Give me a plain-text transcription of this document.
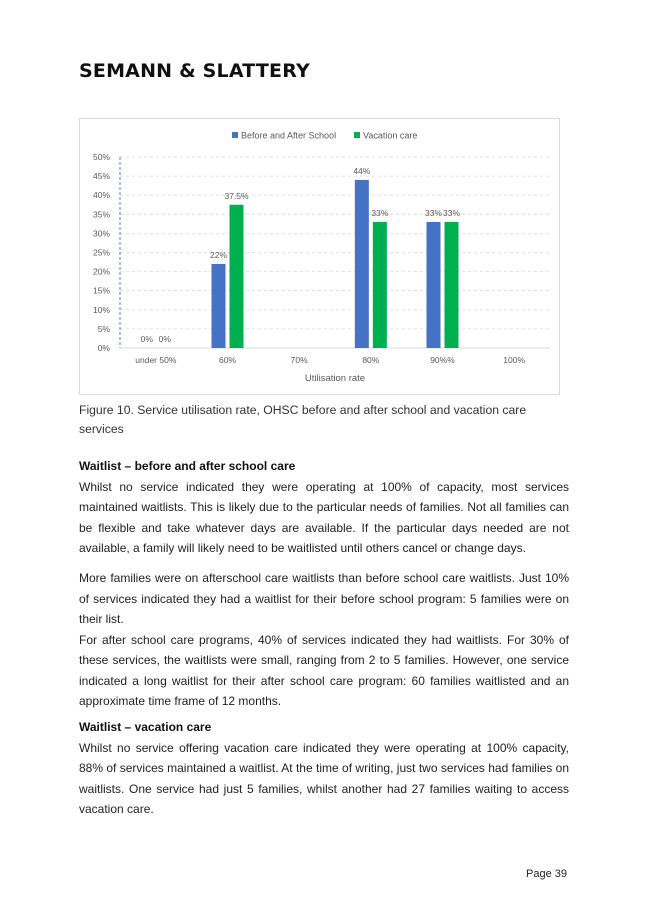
SEMANN & SLATTERY
Before and After School	Vacation care
0%
5%
10%
15%
20%
25%
30%
35%
40%
45%
50%
under 50%
0% 0%
60%
22%
37.5%
70%	80%
44%
33%
90%%
33% 33%
100%
Utilisation rate
Figure 10. Service utilisation rate, OHSC before and after school and vacation care services
Waitlist – before and after school care

Whilst no service indicated they were operating at 100% of capacity, most services maintained waitlists. This is likely due to the particular needs of families. Not all families can be flexible and take whatever days are available. If the particular days needed are not available, a family will likely need to be waitlisted until others cancel or change days.

More families were on afterschool care waitlists than before school care waitlists. Just 10% of services indicated they had a waitlist for their before school program: 5 families were on their list.

For after school care programs, 40% of services indicated they had waitlists. For 30% of these services, the waitlists were small, ranging from 2 to 5 families. However, one service indicated a long waitlist for their after school care program: 60 families waitlisted and an approximate time frame of 12 months.

Waitlist – vacation care

Whilst no service offering vacation care indicated they were operating at 100% capacity, 88% of services maintained a waitlist. At the time of writing, just two services had families on waitlists. One service had just 5 families, whilst another had 27 families waiting to access vacation care.

Page 39
